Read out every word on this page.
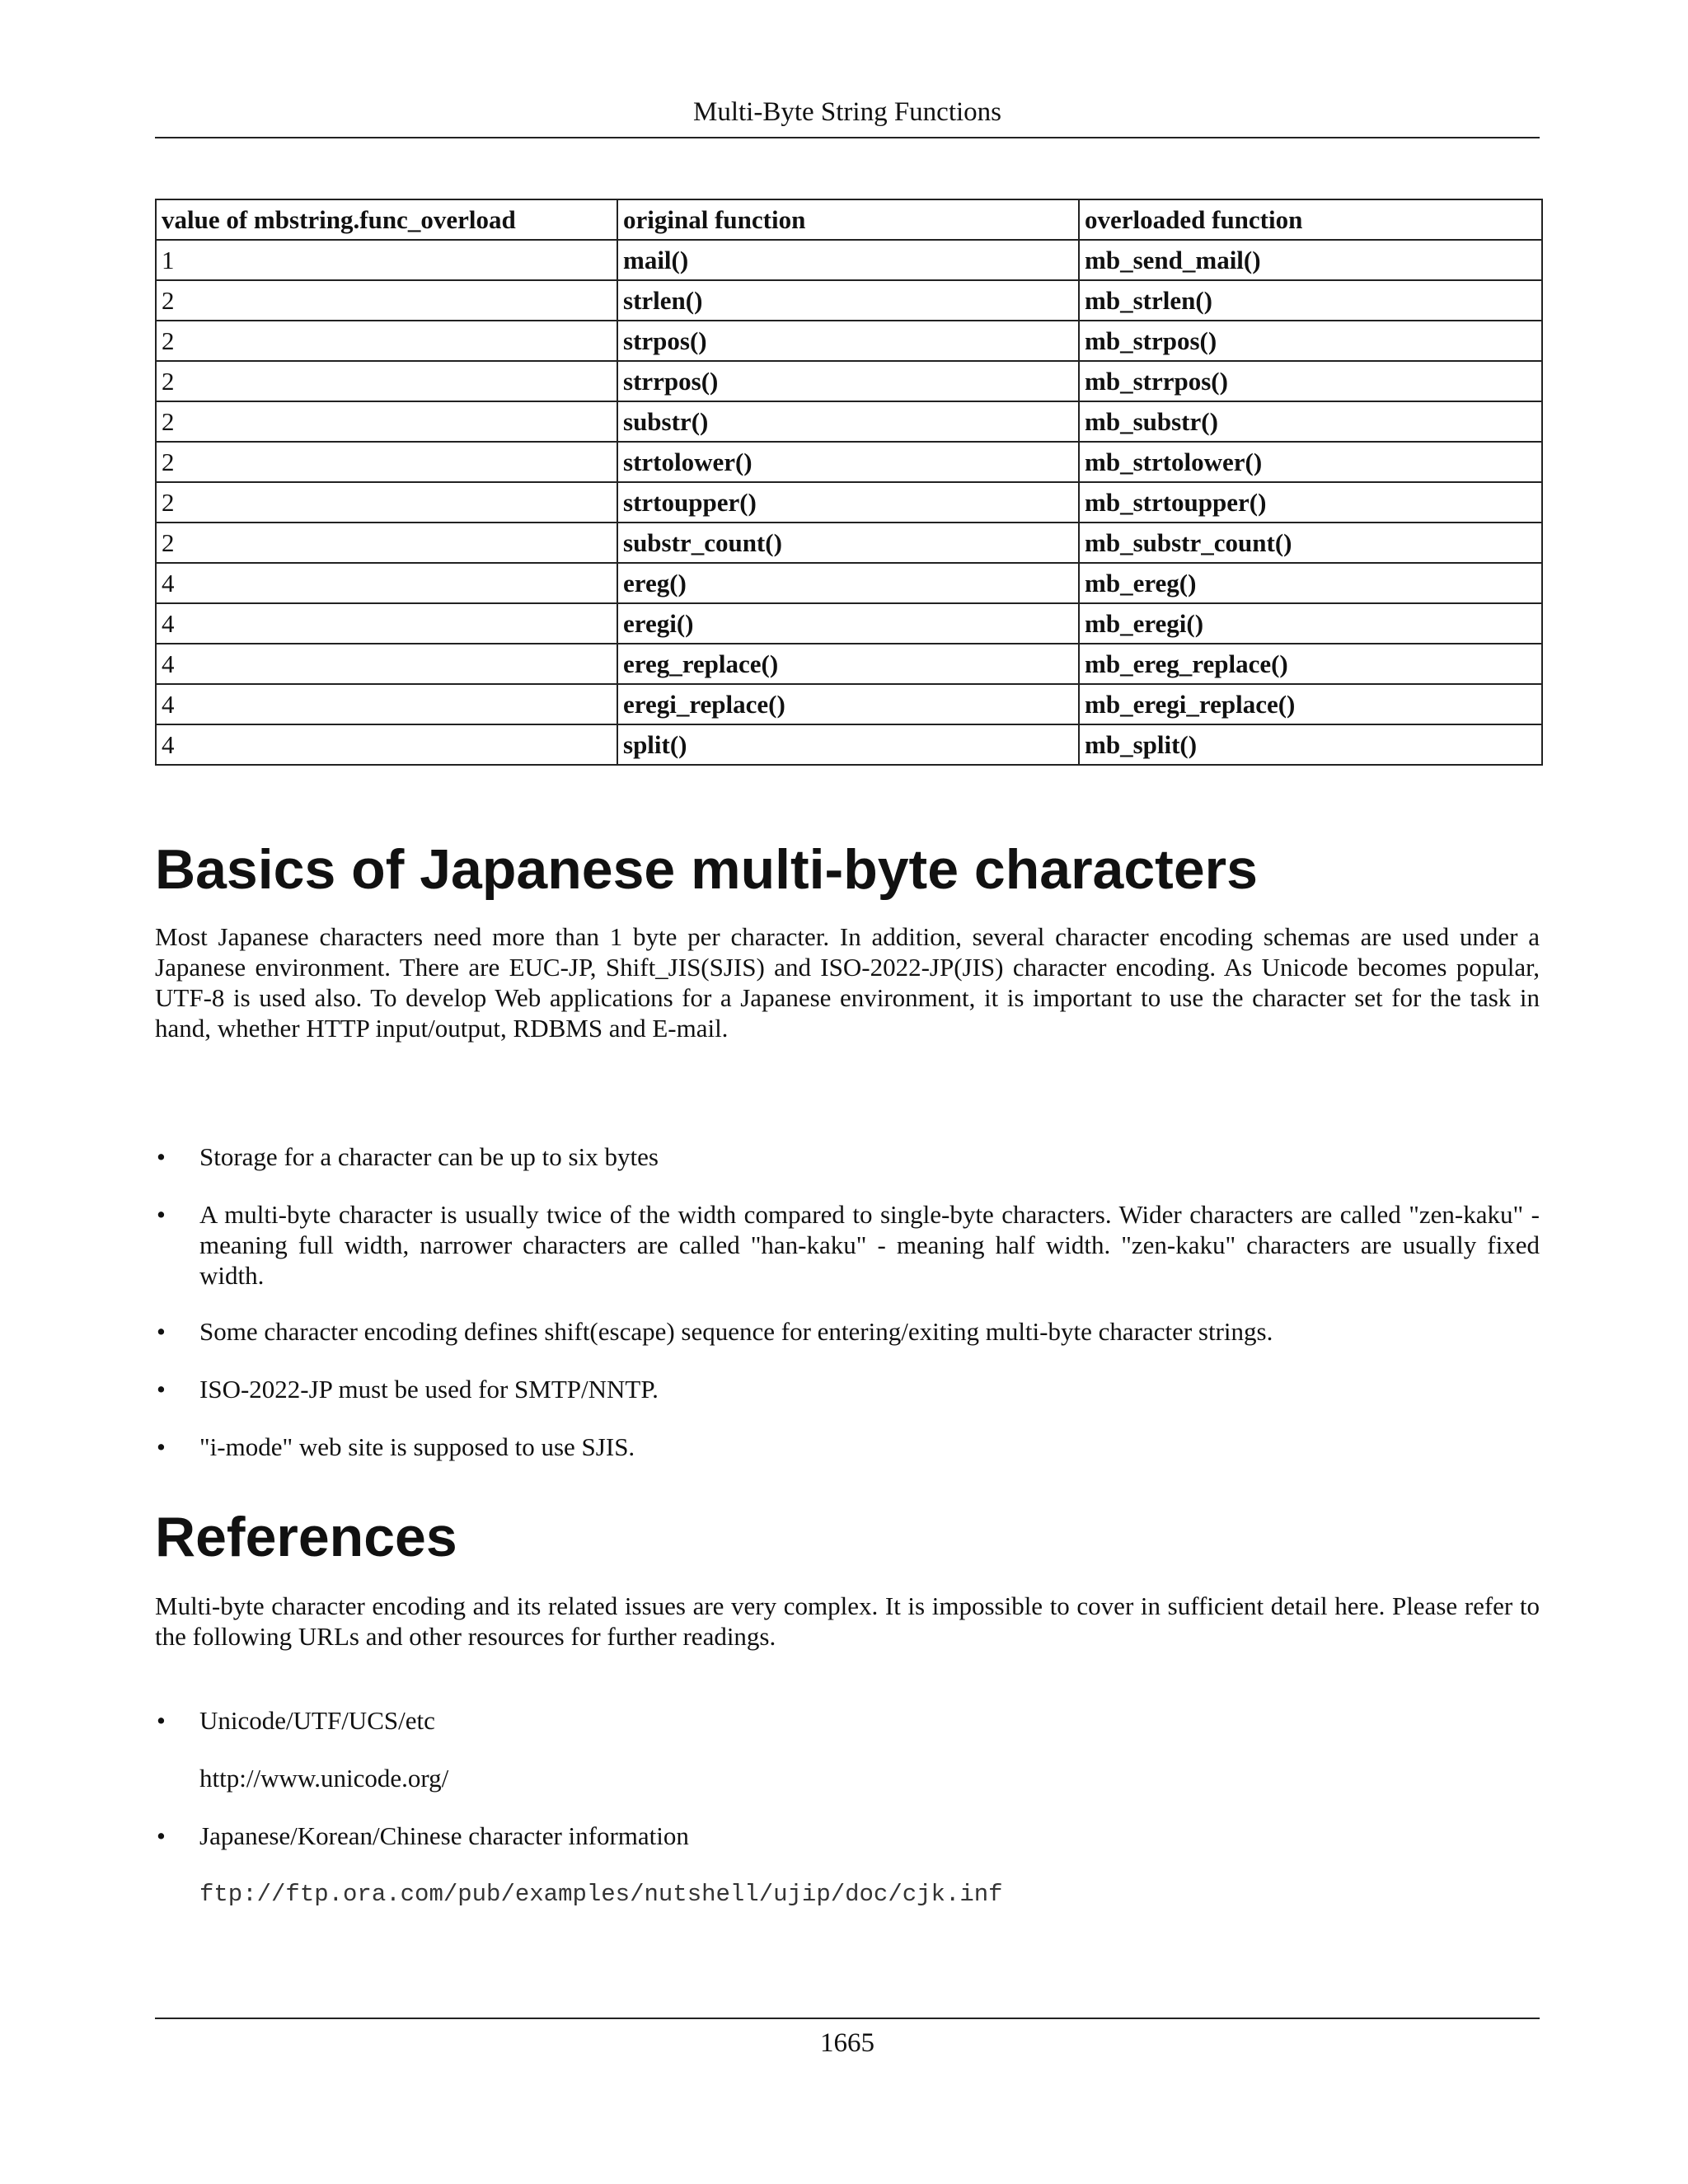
Multi-Byte String Functions
value of mbstring.func_overload	original function	overloaded function
1	mail()	mb_send_mail()
2	strlen()	mb_strlen()
2	strpos()	mb_strpos()
2	strrpos()	mb_strrpos()
2	substr()	mb_substr()
2	strtolower()	mb_strtolower()
2	strtoupper()	mb_strtoupper()
2	substr_count()	mb_substr_count()
4	ereg()	mb_ereg()
4	eregi()	mb_eregi()
4	ereg_replace()	mb_ereg_replace()
4	eregi_replace()	mb_eregi_replace()
4	split()	mb_split()
Basics of Japanese multi-byte characters

Most Japanese characters need more than 1 byte per character. In addition, several character encoding schemas are used under a Japanese environment. There are EUC-JP, Shift_JIS(SJIS) and ISO-2022-JP(JIS) character encoding. As Unicode becomes popular, UTF-8 is used also. To develop Web applications for a Japanese environment, it is important to use the character set for the task in hand, whether HTTP input/output, RDBMS and E-mail.

• Storage for a character can be up to six bytes
• A multi-byte character is usually twice of the width compared to single-byte characters. Wider characters are called "zen-kaku" - meaning full width, narrower characters are called "han-kaku" - meaning half width. "zen-kaku" characters are usually fixed width.
• Some character encoding defines shift(escape) sequence for entering/exiting multi-byte character strings.
• ISO-2022-JP must be used for SMTP/NNTP.
• "i-mode" web site is supposed to use SJIS.
References

Multi-byte character encoding and its related issues are very complex. It is impossible to cover in sufficient detail here. Please refer to the following URLs and other resources for further readings.

• Unicode/UTF/UCS/etc
• Japanese/Korean/Chinese character information
http://www.unicode.org/
ftp://ftp.ora.com/pub/examples/nutshell/ujip/doc/cjk.inf
1665
